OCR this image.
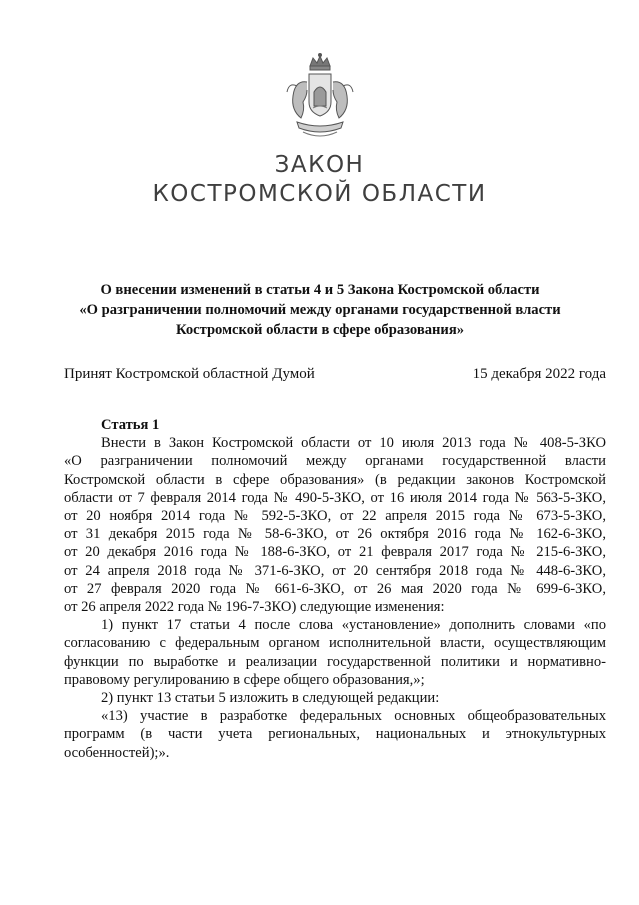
ЗАКОН
КОСТРОМСКОЙ ОБЛАСТИ
О внесении изменений в статьи 4 и 5 Закона Костромской области
«О разграничении полномочий между органами государственной власти
Костромской области в сфере образования»
Принят Костромской областной Думой	15 декабря 2022 года
Статья 1
Внести в Закон Костромской области от 10 июля 2013 года № 408-5-ЗКО
«О разграничении полномочий между органами государственной власти
Костромской области в сфере образования» (в редакции законов Костромской
области от 7 февраля 2014 года № 490-5-ЗКО, от 16 июля 2014 года № 563-5-ЗКО,
от 20 ноября 2014 года № 592-5-ЗКО, от 22 апреля 2015 года № 673-5-ЗКО,
от 31 декабря 2015 года № 58-6-ЗКО, от 26 октября 2016 года № 162-6-ЗКО,
от 20 декабря 2016 года № 188-6-ЗКО, от 21 февраля 2017 года № 215-6-ЗКО,
от 24 апреля 2018 года № 371-6-ЗКО, от 20 сентября 2018 года № 448-6-ЗКО,
от 27 февраля 2020 года № 661-6-ЗКО, от 26 мая 2020 года № 699-6-ЗКО,
от 26 апреля 2022 года № 196-7-ЗКО) следующие изменения:
1) пункт 17 статьи 4 после слова «установление» дополнить словами «по
согласованию с федеральным органом исполнительной власти, осуществляющим
функции по выработке и реализации государственной политики и нормативно-
правовому регулированию в сфере общего образования,»;
2) пункт 13 статьи 5 изложить в следующей редакции:
«13) участие в разработке федеральных основных общеобразовательных
программ (в части учета региональных, национальных и этнокультурных
особенностей);».
